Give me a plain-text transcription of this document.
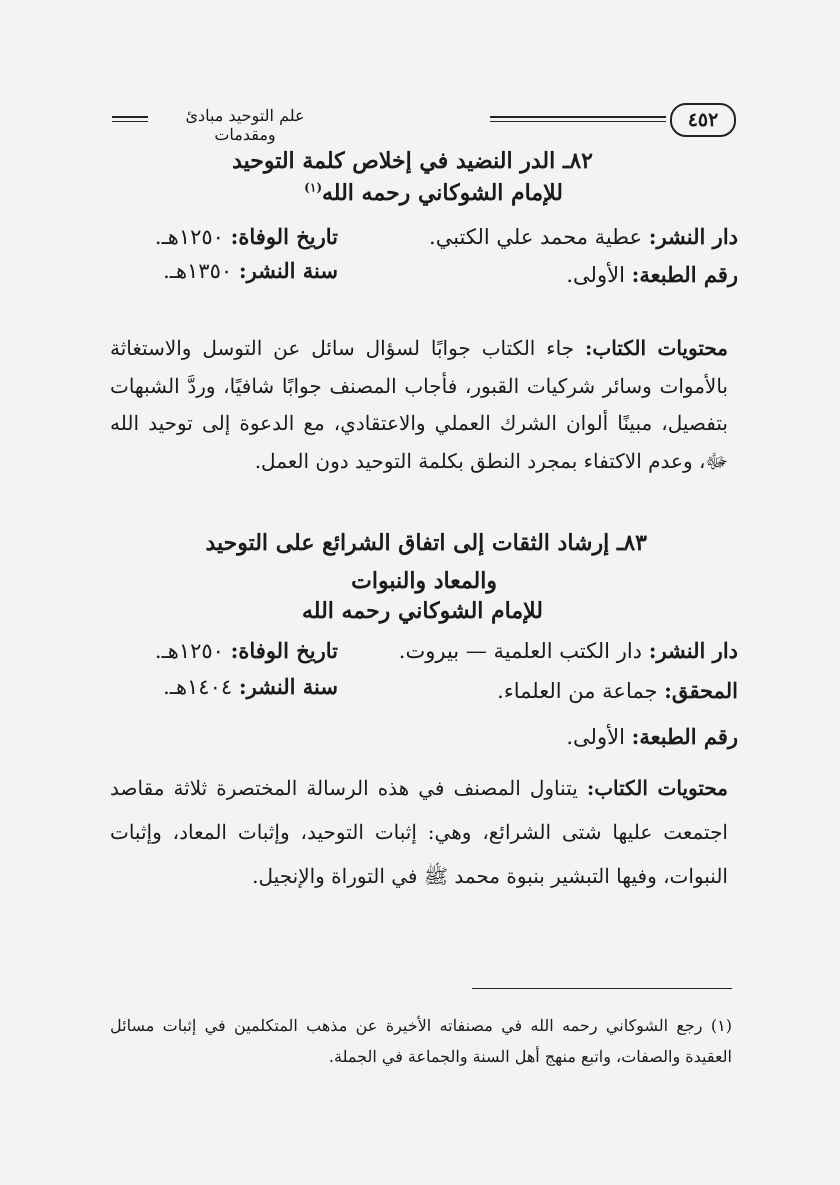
٤٥٢
علم التوحيد مبادئ ومقدمات
٨٢ـ الدر النضيد في إخلاص كلمة التوحيد
للإمام الشوكاني رحمه الله$^{(١)}$
دار النشر: عطية محمد علي الكتبي.
تاريخ الوفاة: ١٢٥٠هـ.
رقم الطبعة: الأولى.
سنة النشر: ١٣٥٠هـ.
محتويات الكتاب: جاء الكتاب جوابًا لسؤال سائل عن التوسل والاستغاثة بالأموات وسائر شركيات القبور، فأجاب المصنف جوابًا شافيًا، وردَّ الشبهات بتفصيل، مبينًا ألوان الشرك العملي والاعتقادي، مع الدعوة إلى توحيد الله ﷻ، وعدم الاكتفاء بمجرد النطق بكلمة التوحيد دون العمل.
٨٣ـ إرشاد الثقات إلى اتفاق الشرائع على التوحيد
والمعاد والنبوات
للإمام الشوكاني رحمه الله
دار النشر: دار الكتب العلمية — بيروت.
تاريخ الوفاة: ١٢٥٠هـ.
المحقق: جماعة من العلماء.
سنة النشر: ١٤٠٤هـ.
رقم الطبعة: الأولى.
محتويات الكتاب: يتناول المصنف في هذه الرسالة المختصرة ثلاثة مقاصد اجتمعت عليها شتى الشرائع، وهي: إثبات التوحيد، وإثبات المعاد، وإثبات النبوات، وفيها التبشير بنبوة محمد ﷺ في التوراة والإنجيل.
(١) رجع الشوكاني رحمه الله في مصنفاته الأخيرة عن مذهب المتكلمين في إثبات مسائل العقيدة والصفات، واتبع منهج أهل السنة والجماعة في الجملة.
